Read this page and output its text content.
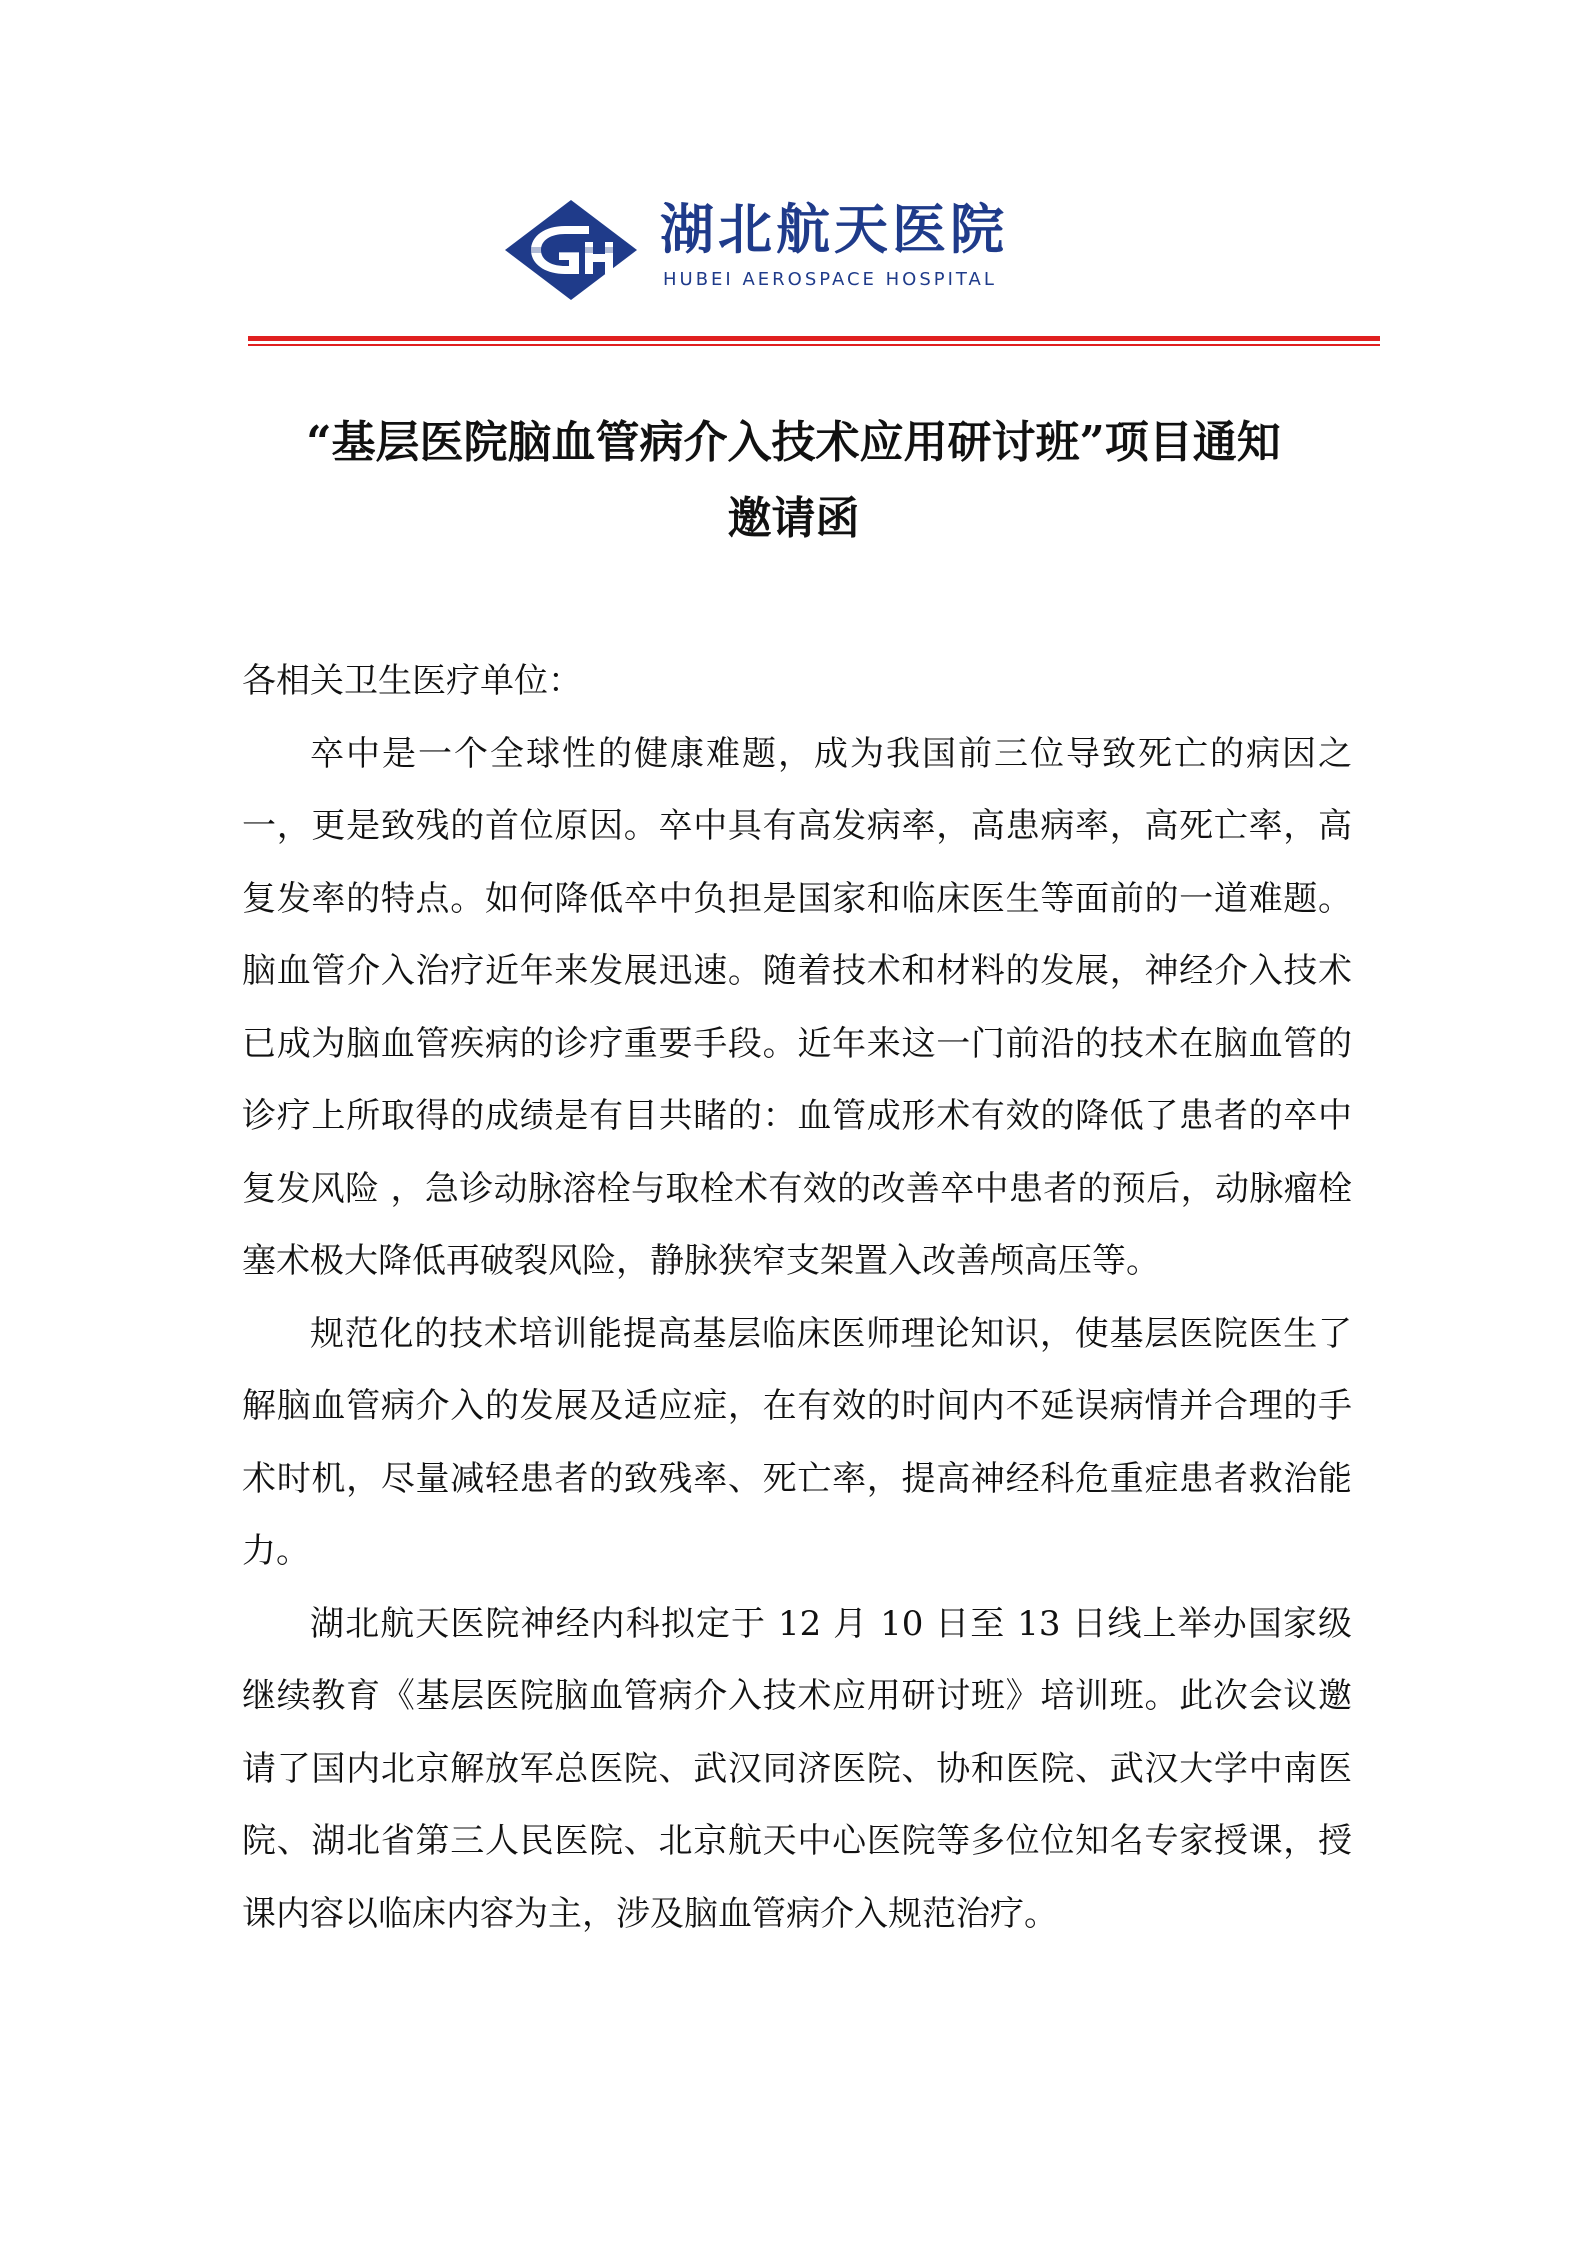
湖北航天医院
HUBEI AEROSPACE HOSPITAL
“基层医院脑血管病介入技术应用研讨班”项目通知
邀请函

各相关卫生医疗单位：

卒中是一个全球性的健康难题，成为我国前三位导致死亡的病因之一，更是致残的首位原因。卒中具有高发病率，高患病率，高死亡率，高复发率的特点。如何降低卒中负担是国家和临床医生等面前的一道难题。脑血管介入治疗近年来发展迅速。随着技术和材料的发展，神经介入技术已成为脑血管疾病的诊疗重要手段。近年来这一门前沿的技术在脑血管的诊疗上所取得的成绩是有目共睹的：血管成形术有效的降低了患者的卒中复发风险 ，急诊动脉溶栓与取栓术有效的改善卒中患者的预后，动脉瘤栓塞术极大降低再破裂风险，静脉狭窄支架置入改善颅高压等。

规范化的技术培训能提高基层临床医师理论知识，使基层医院医生了解脑血管病介入的发展及适应症，在有效的时间内不延误病情并合理的手术时机，尽量减轻患者的致残率、死亡率，提高神经科危重症患者救治能力。

湖北航天医院神经内科拟定于 12 月 10 日至 13 日线上举办国家级继续教育《基层医院脑血管病介入技术应用研讨班》培训班。此次会议邀请了国内北京解放军总医院、武汉同济医院、协和医院、武汉大学中南医院、湖北省第三人民医院、北京航天中心医院等多位位知名专家授课，授课内容以临床内容为主，涉及脑血管病介入规范治疗。
